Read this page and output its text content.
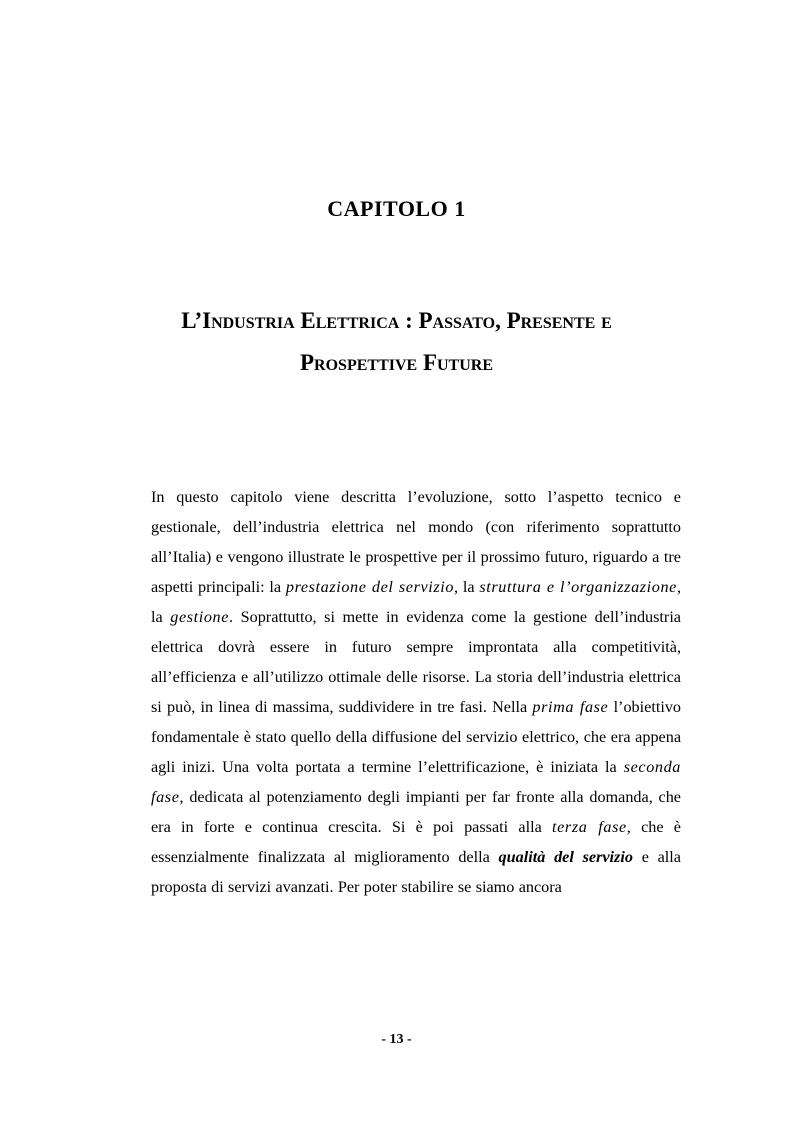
CAPITOLO 1
L’Industria Elettrica : Passato, Presente e
Prospettive Future

In questo capitolo viene descritta l’evoluzione, sotto l’aspetto tecnico e gestionale, dell’industria elettrica nel mondo (con riferimento soprattutto all’Italia) e vengono illustrate le prospettive per il prossimo futuro, riguardo a tre aspetti principali: la prestazione del servizio, la struttura e l’organizzazione, la gestione. Soprattutto, si mette in evidenza come la gestione dell’industria elettrica dovrà essere in futuro sempre improntata alla competitività, all’efficienza e all’utilizzo ottimale delle risorse. La storia dell’industria elettrica si può, in linea di massima, suddividere in tre fasi. Nella prima fase l’obiettivo fondamentale è stato quello della diffusione del servizio elettrico, che era appena agli inizi. Una volta portata a termine l’elettrificazione, è iniziata la seconda fase, dedicata al potenziamento degli impianti per far fronte alla domanda, che era in forte e continua crescita. Si è poi passati alla terza fase, che è essenzialmente finalizzata al miglioramento della qualità del servizio e alla proposta di servizi avanzati. Per poter stabilire se siamo ancora

- 13 -
